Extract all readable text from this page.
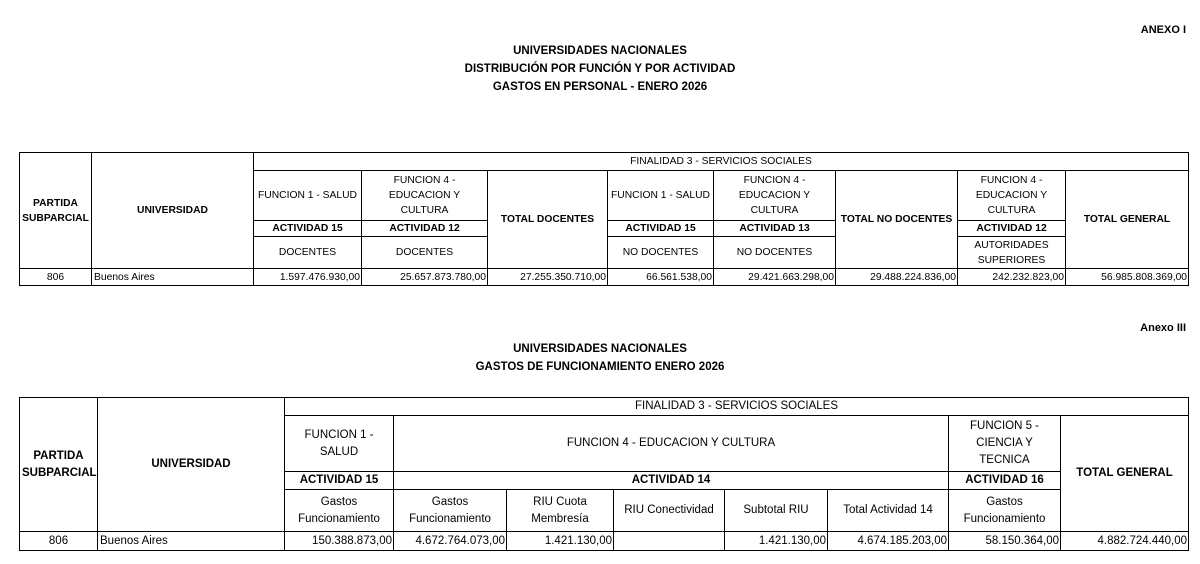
ANEXO I
UNIVERSIDADES NACIONALES
DISTRIBUCIÓN POR FUNCIÓN Y POR ACTIVIDAD
GASTOS EN PERSONAL - ENERO 2026
PARTIDA SUBPARCIAL	UNIVERSIDAD	FINALIDAD 3 - SERVICIOS SOCIALES							
		FUNCION 1 - SALUD	FUNCION 4 - EDUCACION Y CULTURA	TOTAL DOCENTES	FUNCION 1 - SALUD	FUNCION 4 - EDUCACION Y CULTURA	TOTAL NO DOCENTES	FUNCION 4 - EDUCACION Y CULTURA	TOTAL GENERAL
		ACTIVIDAD 15	ACTIVIDAD 12		ACTIVIDAD 15	ACTIVIDAD 13		ACTIVIDAD 12	
		DOCENTES	DOCENTES		NO DOCENTES	NO DOCENTES		AUTORIDADES SUPERIORES	
806	Buenos Aires	1.597.476.930,00	25.657.873.780,00	27.255.350.710,00	66.561.538,00	29.421.663.298,00	29.488.224.836,00	242.232.823,00	56.985.808.369,00
Anexo III
UNIVERSIDADES NACIONALES
GASTOS DE FUNCIONAMIENTO ENERO 2026
PARTIDA SUBPARCIAL	UNIVERSIDAD	FINALIDAD 3 - SERVICIOS SOCIALES							
		FUNCION 1 - SALUD	FUNCION 4 - EDUCACION Y CULTURA					FUNCION 5 - CIENCIA Y TECNICA	TOTAL GENERAL
		ACTIVIDAD 15	ACTIVIDAD 14					ACTIVIDAD 16	
		Gastos Funcionamiento	Gastos Funcionamiento	RIU Cuota Membresía	RIU Conectividad	Subtotal RIU	Total Actividad 14	Gastos Funcionamiento	
806	Buenos Aires	150.388.873,00	4.672.764.073,00	1.421.130,00		1.421.130,00	4.674.185.203,00	58.150.364,00	4.882.724.440,00
